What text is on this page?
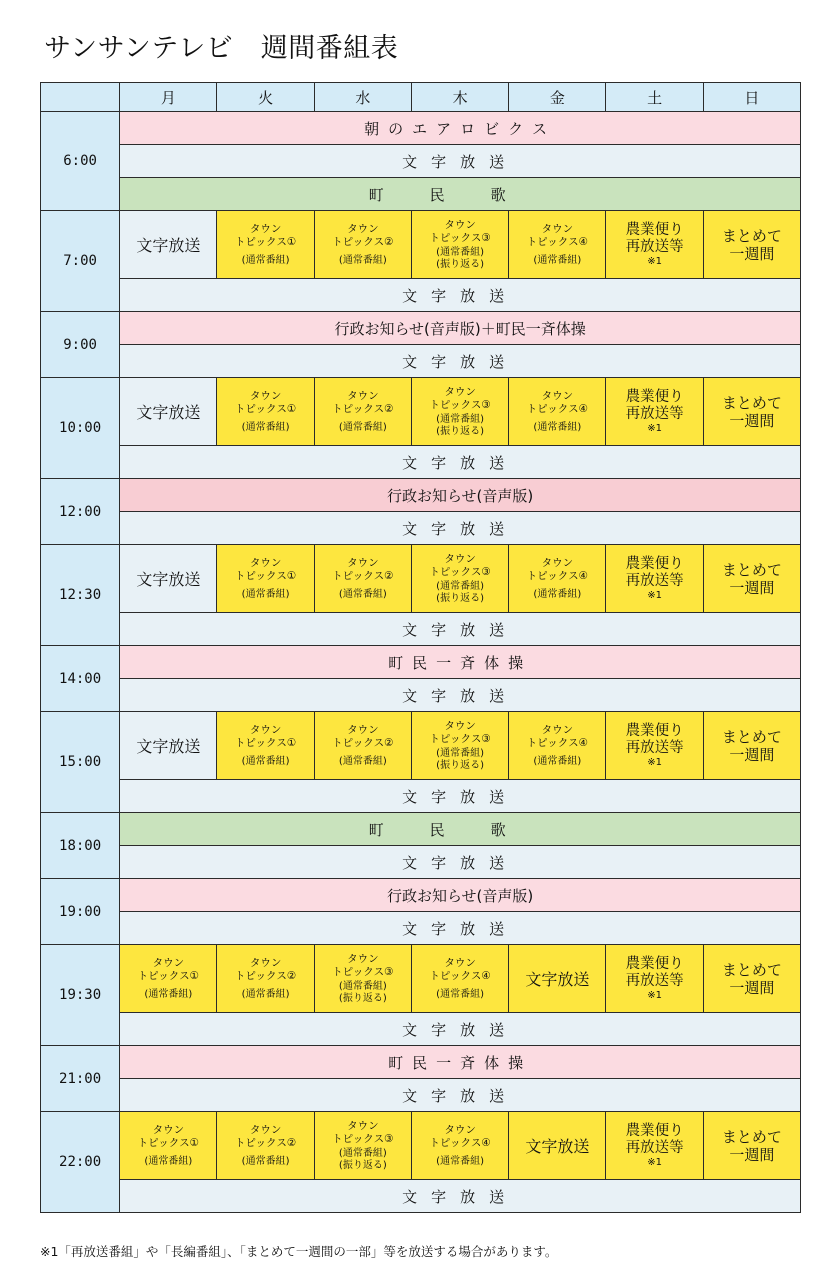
サンサンテレビ　週間番組表
	月	火	水	木	金	土	日
6:00	朝のエアロビクス						
	文字放送						
	町民歌						
7:00	文字放送	タウン
トピックス①
(通常番組)	タウン
トピックス②
(通常番組)	タウン
トピックス③
(通常番組)
(振り返る)	タウン
トピックス④
(通常番組)	農業便り
再放送等
※1	まとめて
一週間

	文字放送						
9:00	行政お知らせ(音声版)＋町民一斉体操						
	文字放送						
10:00	文字放送	タウン
トピックス①
(通常番組)	タウン
トピックス②
(通常番組)	タウン
トピックス③
(通常番組)
(振り返る)	タウン
トピックス④
(通常番組)	農業便り
再放送等
※1	まとめて
一週間

	文字放送						
12:00	行政お知らせ(音声版)						
	文字放送						
12:30	文字放送	タウン
トピックス①
(通常番組)	タウン
トピックス②
(通常番組)	タウン
トピックス③
(通常番組)
(振り返る)	タウン
トピックス④
(通常番組)	農業便り
再放送等
※1	まとめて
一週間

	文字放送						
14:00	町民一斉体操						
	文字放送						
15:00	文字放送	タウン
トピックス①
(通常番組)	タウン
トピックス②
(通常番組)	タウン
トピックス③
(通常番組)
(振り返る)	タウン
トピックス④
(通常番組)	農業便り
再放送等
※1	まとめて
一週間

	文字放送						
18:00	町民歌						
	文字放送						
19:00	行政お知らせ(音声版)						
	文字放送						
19:30	タウン
トピックス①
(通常番組)	タウン
トピックス②
(通常番組)	タウン
トピックス③
(通常番組)
(振り返る)	タウン
トピックス④
(通常番組)	文字放送	農業便り
再放送等
※1	まとめて
一週間

	文字放送						
21:00	町民一斉体操						
	文字放送						
22:00	タウン
トピックス①
(通常番組)	タウン
トピックス②
(通常番組)	タウン
トピックス③
(通常番組)
(振り返る)	タウン
トピックス④
(通常番組)	文字放送	農業便り
再放送等
※1	まとめて
一週間

	文字放送						

※1「再放送番組」や「長編番組」、「まとめて一週間の一部」等を放送する場合があります。
